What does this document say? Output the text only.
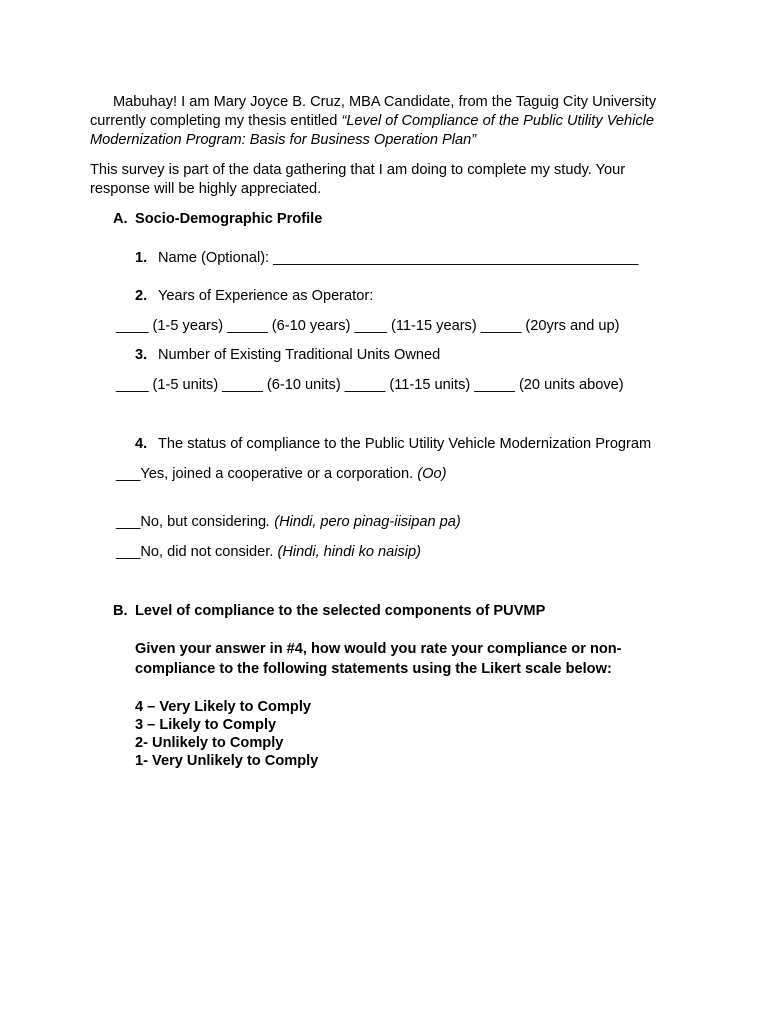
Mabuhay! I am Mary Joyce B. Cruz, MBA Candidate, from the Taguig City University
currently completing my thesis entitled “Level of Compliance of the Public Utility Vehicle
Modernization Program: Basis for Business Operation Plan”
This survey is part of the data gathering that I am doing to complete my study. Your
response will be highly appreciated.
A. Socio-Demographic Profile
1. Name (Optional): _____________________________________________
2. Years of Experience as Operator:
____ (1-5 years) _____ (6-10 years) ____ (11-15 years) _____ (20yrs and up)
3. Number of Existing Traditional Units Owned
____ (1-5 units) _____ (6-10 units) _____ (11-15 units) _____ (20 units above)
4. The status of compliance to the Public Utility Vehicle Modernization Program
___Yes, joined a cooperative or a corporation. (Oo)
___No, but considering. (Hindi, pero pinag-iisipan pa)
___No, did not consider. (Hindi, hindi ko naisip)
B. Level of compliance to the selected components of PUVMP
Given your answer in #4, how would you rate your compliance or non-
compliance to the following statements using the Likert scale below:
4 – Very Likely to Comply
3 – Likely to Comply
2- Unlikely to Comply
1- Very Unlikely to Comply
